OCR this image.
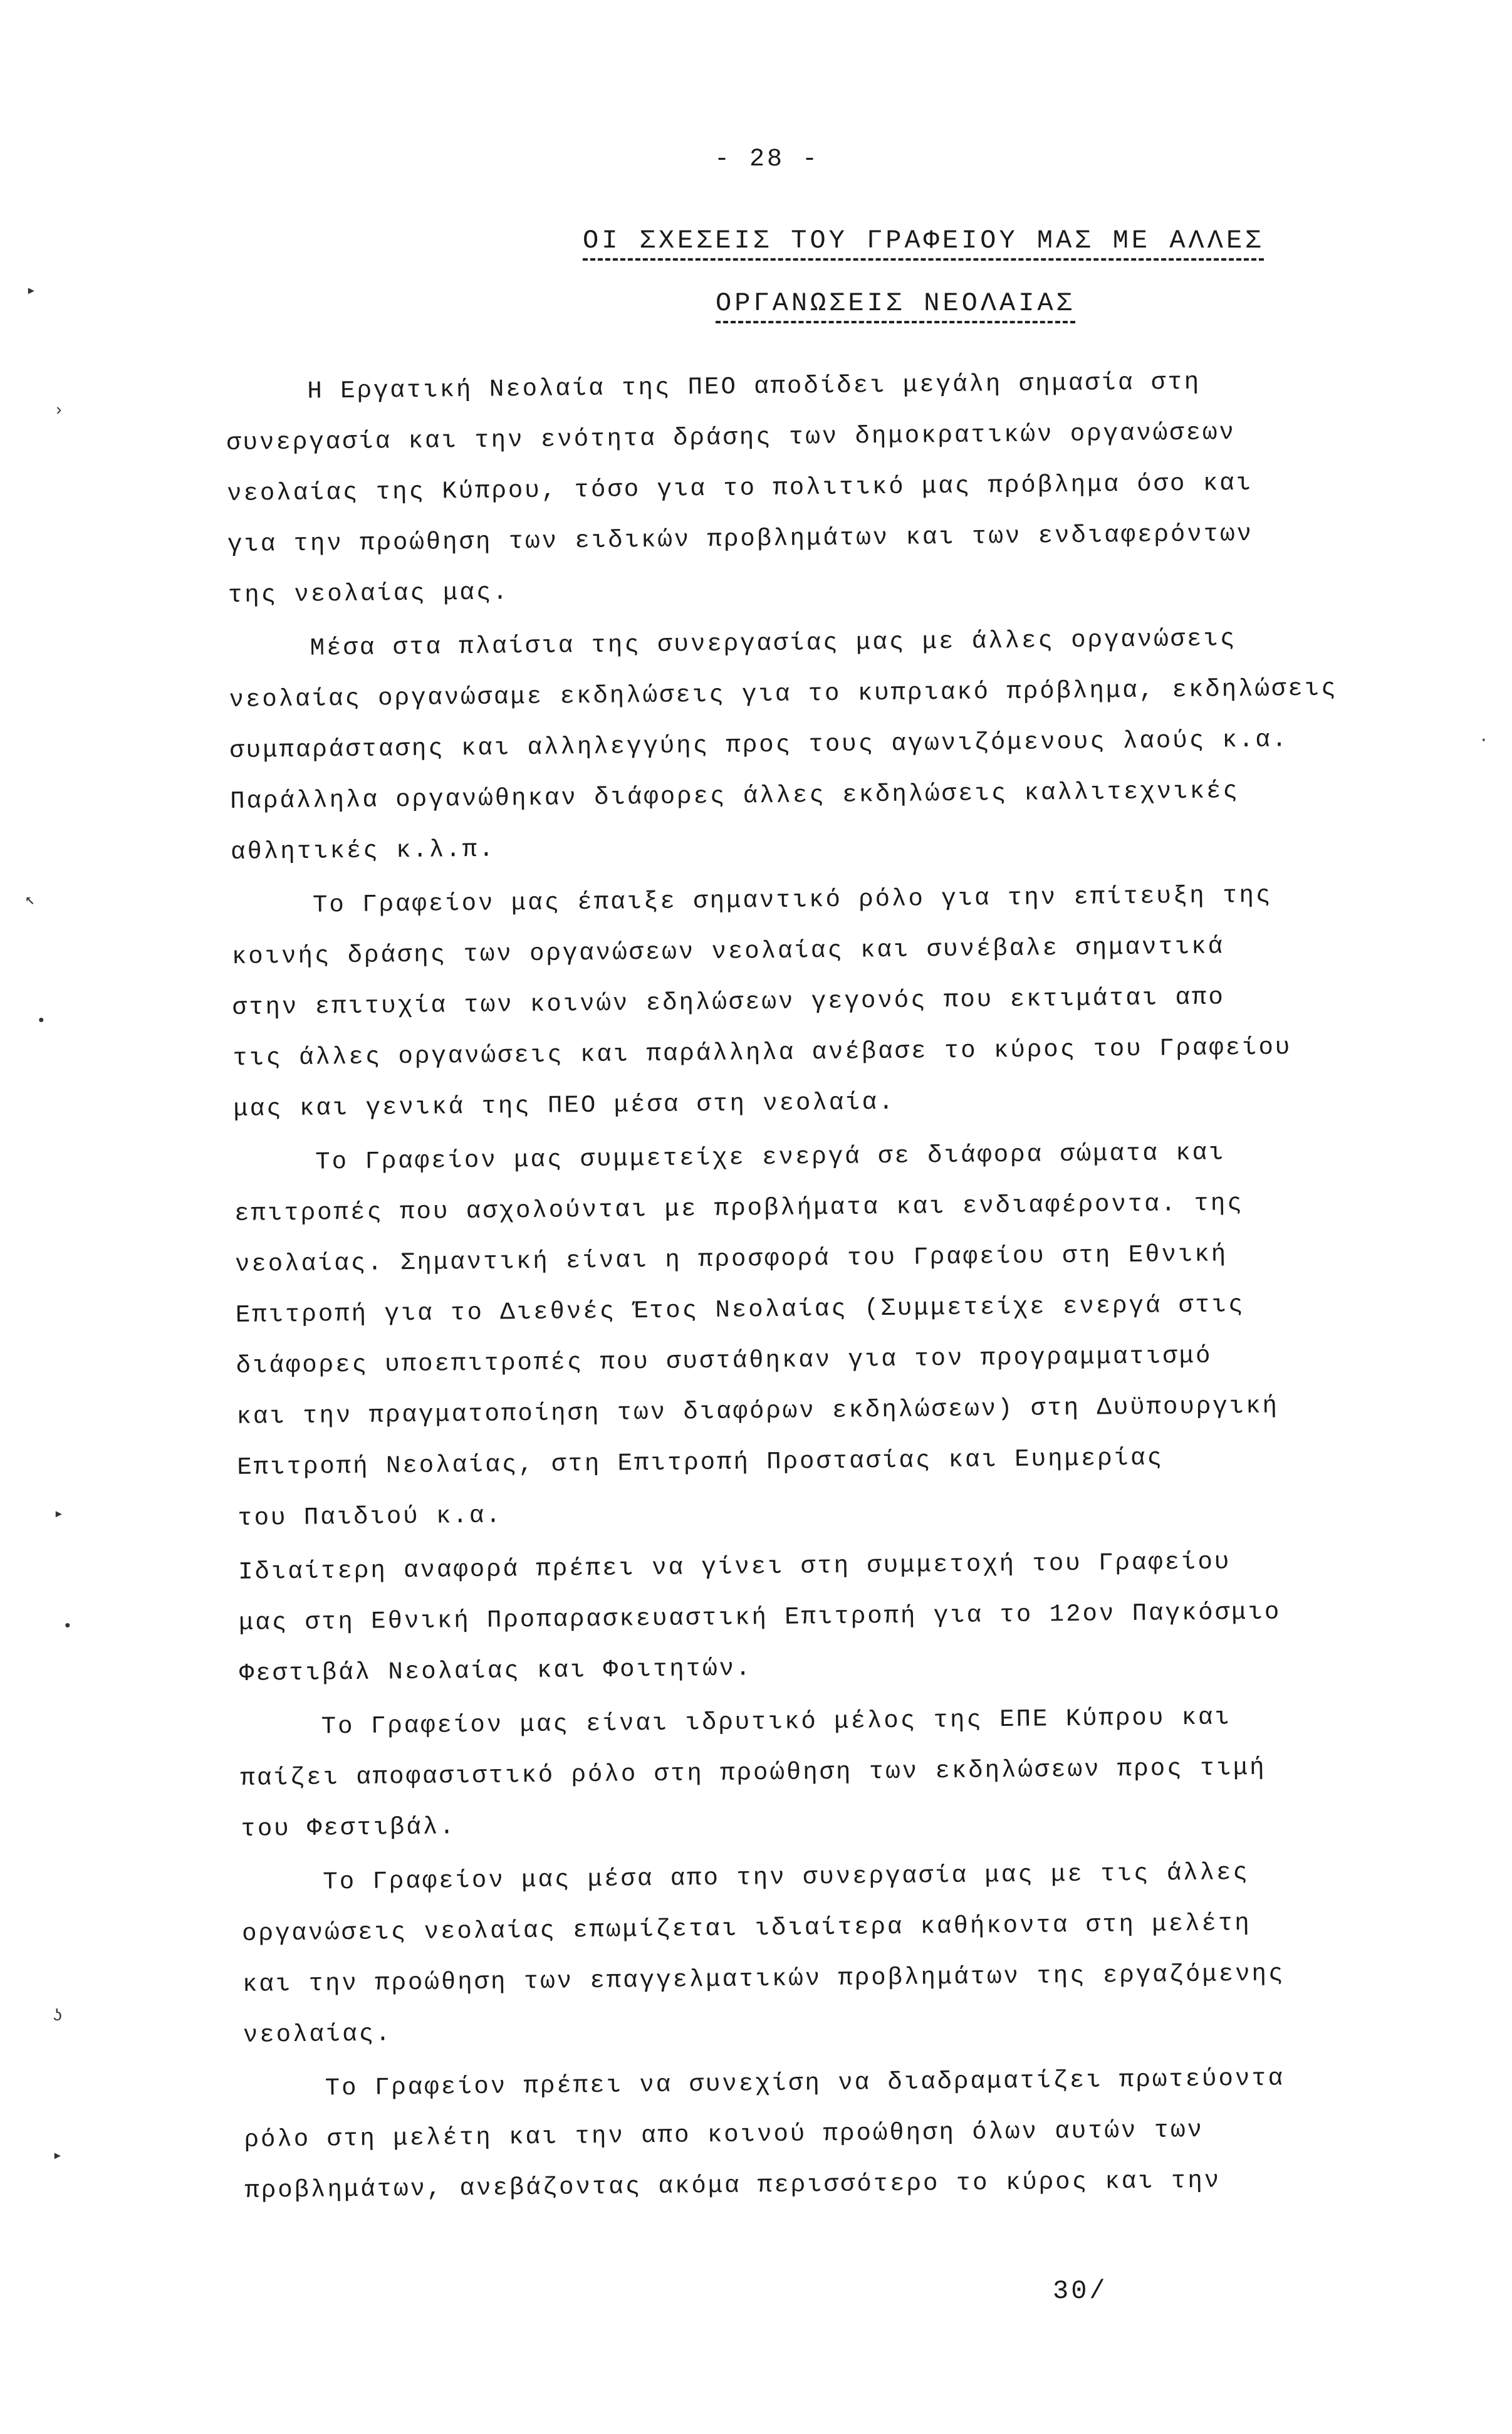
- 28 -
ΟΙ ΣΧΕΣΕΙΣ ΤΟΥ ΓΡΑΦΕΙΟΥ ΜΑΣ ΜΕ ΑΛΛΕΣ
ΟΡΓΑΝΩΣΕΙΣ ΝΕΟΛΑΙΑΣ

Η Εργατική Νεολαία της ΠΕΟ αποδίδει μεγάλη σημασία στη
συνεργασία και την ενότητα δράσης των δημοκρατικών οργανώσεων
νεολαίας της Κύπρου, τόσο για το πολιτικό μας πρόβλημα όσο και
για την προώθηση των ειδικών προβλημάτων και των ενδιαφερόντων
της νεολαίας μας.

Μέσα στα πλαίσια της συνεργασίας μας με άλλες οργανώσεις
νεολαίας οργανώσαμε εκδηλώσεις για το κυπριακό πρόβλημα, εκδηλώσεις
συμπαράστασης και αλληλεγγύης προς τους αγωνιζόμενους λαούς κ.α.
Παράλληλα οργανώθηκαν διάφορες άλλες εκδηλώσεις καλλιτεχνικές
αθλητικές κ.λ.π.

Το Γραφείον μας έπαιξε σημαντικό ρόλο για την επίτευξη της
κοινής δράσης των οργανώσεων νεολαίας και συνέβαλε σημαντικά
στην επιτυχία των κοινών εδηλώσεων γεγονός που εκτιμάται απο
τις άλλες οργανώσεις και παράλληλα ανέβασε το κύρος του Γραφείου
μας και γενικά της ΠΕΟ μέσα στη νεολαία.

Το Γραφείον μας συμμετείχε ενεργά σε διάφορα σώματα και
επιτροπές που ασχολούνται με προβλήματα και ενδιαφέροντα. της
νεολαίας. Σημαντική είναι η προσφορά του Γραφείου στη Εθνική
Επιτροπή για το Διεθνές Έτος Νεολαίας (Συμμετείχε ενεργά στις
διάφορες υποεπιτροπές που συστάθηκαν για τον προγραμματισμό
και την πραγματοποίηση των διαφόρων εκδηλώσεων) στη Δυϋπουργική
Επιτροπή Νεολαίας, στη Επιτροπή Προστασίας και Ευημερίας
του Παιδιού κ.α.

Ιδιαίτερη αναφορά πρέπει να γίνει στη συμμετοχή του Γραφείου
μας στη Εθνική Προπαρασκευαστική Επιτροπή για το 12ον Παγκόσμιο
Φεστιβάλ Νεολαίας και Φοιτητών.

Το Γραφείον μας είναι ιδρυτικό μέλος της ΕΠΕ Κύπρου και
παίζει αποφασιστικό ρόλο στη προώθηση των εκδηλώσεων προς τιμή
του Φεστιβάλ.

Το Γραφείον μας μέσα απο την συνεργασία μας με τις άλλες
οργανώσεις νεολαίας επωμίζεται ιδιαίτερα καθήκοντα στη μελέτη
και την προώθηση των επαγγελματικών προβλημάτων της εργαζόμενης
νεολαίας.

Το Γραφείον πρέπει να συνεχίση να διαδραματίζει πρωτεύοντα
ρόλο στη μελέτη και την απο κοινού προώθηση όλων αυτών των
προβλημάτων, ανεβάζοντας ακόμα περισσότερο το κύρος και την

30/
▸
›
↖
•
▸
•
ʖ
▸
·
